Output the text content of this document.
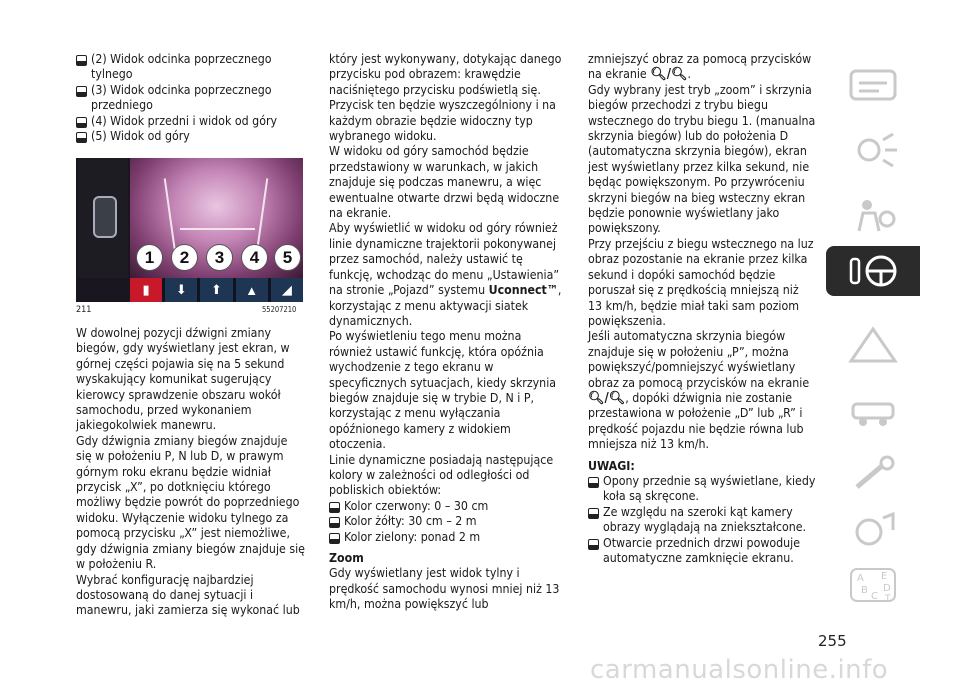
(2) Widok odcinka poprzecznego tylnego

(3) Widok odcinka poprzecznego przedniego

(4) Widok przedni i widok od góry

(5) Widok od góry

▮	⬇	⬆	▲	◢
1	2	3	4	5
211	55207210

W dowolnej pozycji dźwigni zmiany biegów, gdy wyświetlany jest ekran, w górnej części pojawia się na 5 sekund wyskakujący komunikat sugerujący kierowcy sprawdzenie obszaru wokół samochodu, przed wykonaniem jakiegokolwiek manewru.

Gdy dźwignia zmiany biegów znajduje się w położeniu P, N lub D, w prawym górnym roku ekranu będzie widniał przycisk „X”, po dotknięciu którego możliwy będzie powrót do poprzedniego widoku. Wyłączenie widoku tylnego za pomocą przycisku „X” jest niemożliwe, gdy dźwignia zmiany biegów znajduje się w położeniu R.

Wybrać konfigurację najbardziej dostosowaną do danej sytuacji i manewru, jaki zamierza się wykonać lub

który jest wykonywany, dotykając danego przycisku pod obrazem: krawędzie naciśniętego przycisku podświetlą się. Przycisk ten będzie wyszczególniony i na każdym obrazie będzie widoczny typ wybranego widoku.

W widoku od góry samochód będzie przedstawiony w warunkach, w jakich znajduje się podczas manewru, a więc ewentualne otwarte drzwi będą widoczne na ekranie.

Aby wyświetlić w widoku od góry również linie dynamiczne trajektorii pokonywanej przez samochód, należy ustawić tę funkcję, wchodząc do menu „Ustawienia” na stronie „Pojazd” systemu Uconnect™, korzystając z menu aktywacji siatek dynamicznych.

Po wyświetleniu tego menu można również ustawić funkcję, która opóźnia wychodzenie z tego ekranu w specyficznych sytuacjach, kiedy skrzynia biegów znajduje się w trybie D, N i P, korzystając z menu wyłączania opóźnionego kamery z widokiem otoczenia.

Linie dynamiczne posiadają następujące kolory w zależności od odległości od pobliskich obiektów:

Kolor czerwony: 0 – 30 cm

Kolor żółty: 30 cm – 2 m

Kolor zielony: ponad 2 m

Zoom

Gdy wyświetlany jest widok tylny i prędkość samochodu wynosi mniej niż 13 km/h, można powiększyć lub

zmniejszyć obraz za pomocą przycisków na ekranie 🔍︎/🔍︎.

Gdy wybrany jest tryb „zoom” i skrzynia biegów przechodzi z trybu biegu wstecznego do trybu biegu 1. (manualna skrzynia biegów) lub do położenia D (automatyczna skrzynia biegów), ekran jest wyświetlany przez kilka sekund, nie będąc powiększonym. Po przywróceniu skrzyni biegów na bieg wsteczny ekran będzie ponownie wyświetlany jako powiększony.

Przy przejściu z biegu wstecznego na luz obraz pozostanie na ekranie przez kilka sekund i dopóki samochód będzie poruszał się z prędkością mniejszą niż 13 km/h, będzie miał taki sam poziom powiększenia.

Jeśli automatyczna skrzynia biegów znajduje się w położeniu „P”, można powiększyć/pomniejszyć wyświetlany obraz za pomocą przycisków na ekranie 🔍︎/🔍︎, dopóki dźwignia nie zostanie przestawiona w położenie „D” lub „R” i prędkość pojazdu nie będzie równa lub mniejsza niż 13 km/h.

UWAGI:

Opony przednie są wyświetlane, kiedy koła są skręcone.

Ze względu na szeroki kąt kamery obrazy wyglądają na zniekształcone.

Otwarcie przednich drzwi powoduje automatyczne zamknięcie ekranu.

A E
B
C
D
T
255
carmanualsonline.info
